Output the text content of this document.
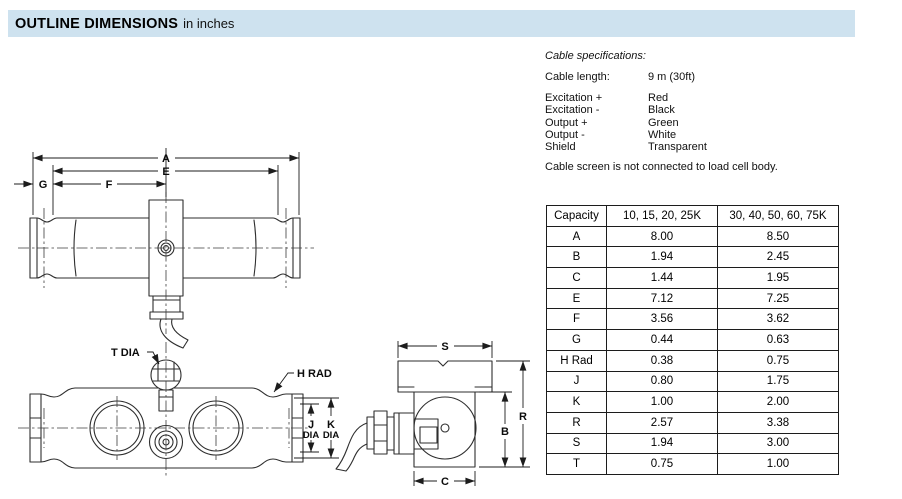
OUTLINE DIMENSIONS in inches
A
E
F
G
T DIA
H RAD
J
DIA
K
DIA
S
B
R
C
Cable specifications:
Cable length:	9 m (30ft)
Excitation +	Red
Excitation -	Black
Output +	Green
Output -	White
Shield	Transparent
Cable screen is not connected to load cell body.
Capacity	10, 15, 20, 25K	30, 40, 50, 60, 75K
A	8.00	8.50
B	1.94	2.45
C	1.44	1.95
E	7.12	7.25
F	3.56	3.62
G	0.44	0.63
H Rad	0.38	0.75
J	0.80	1.75
K	1.00	2.00
R	2.57	3.38
S	1.94	3.00
T	0.75	1.00
